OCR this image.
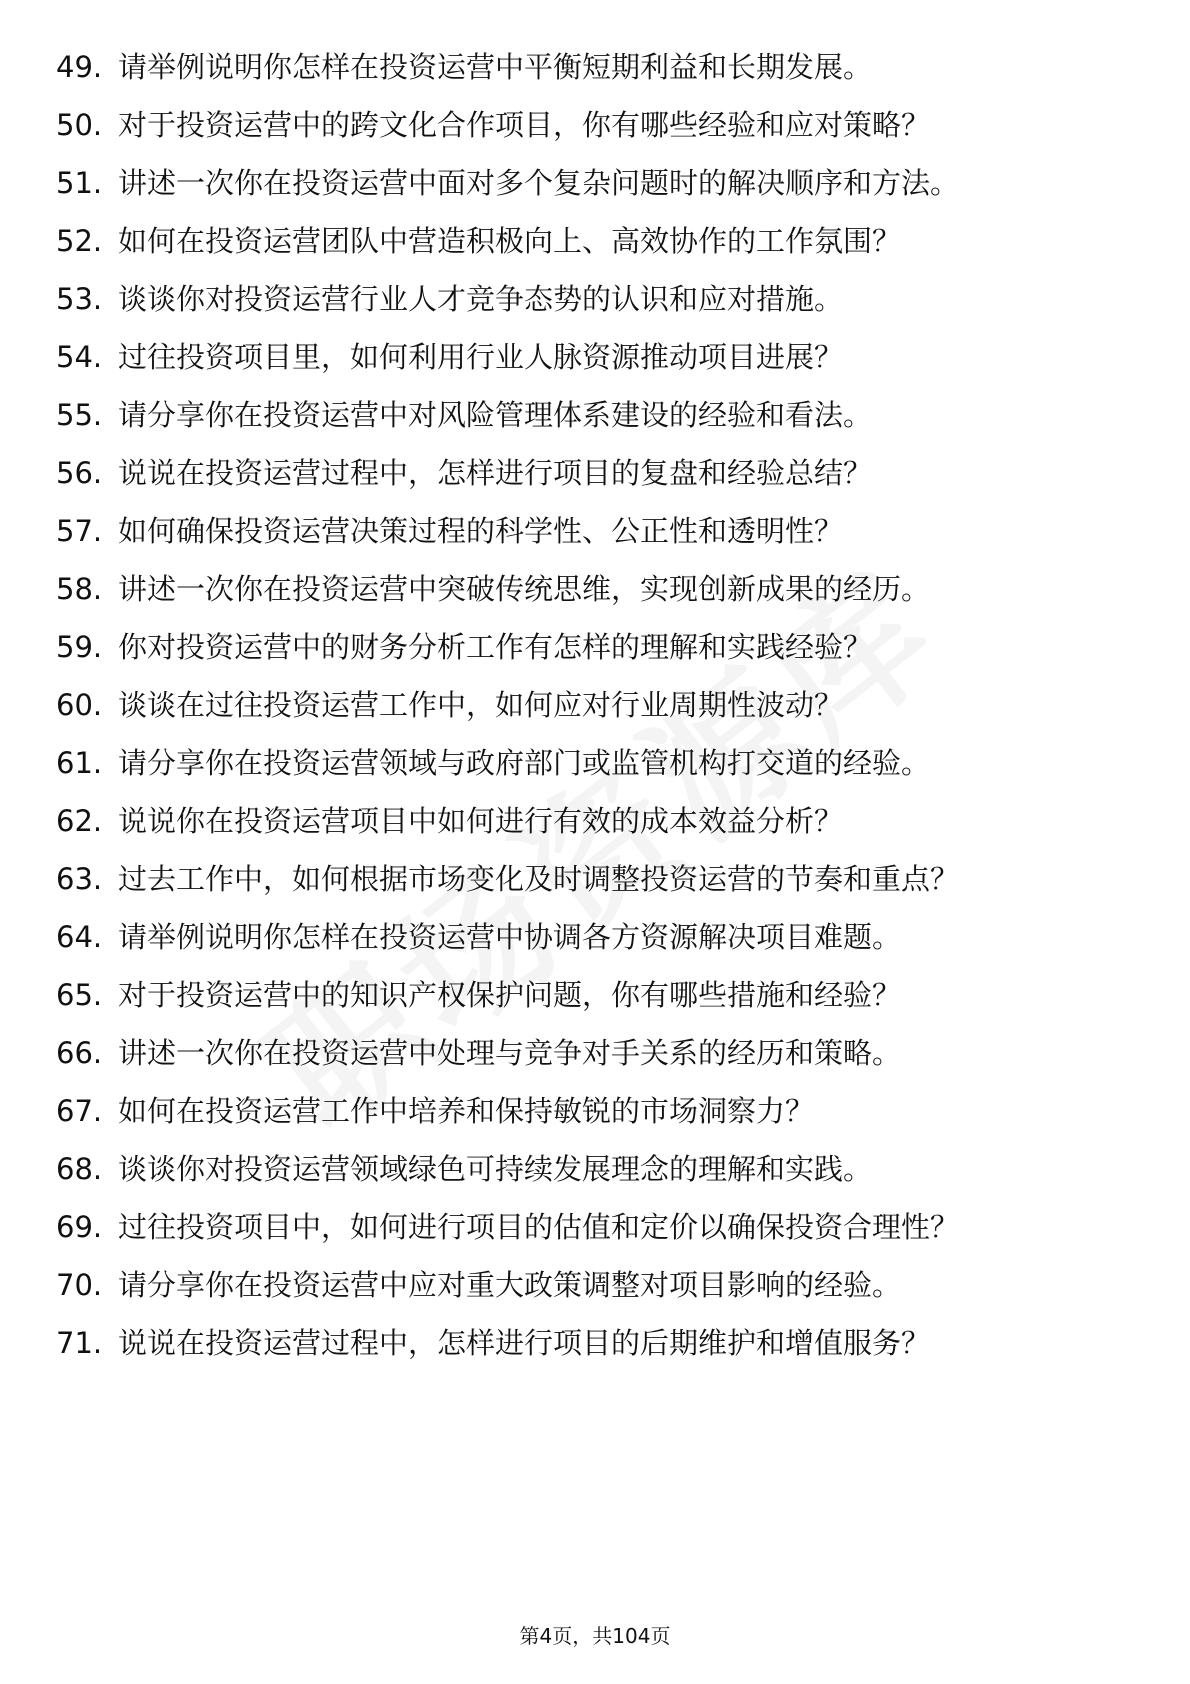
49. 请举例说明你怎样在投资运营中平衡短期利益和长期发展。
50. 对于投资运营中的跨文化合作项目，你有哪些经验和应对策略？
51. 讲述一次你在投资运营中面对多个复杂问题时的解决顺序和方法。
52. 如何在投资运营团队中营造积极向上、高效协作的工作氛围？
53. 谈谈你对投资运营行业人才竞争态势的认识和应对措施。
54. 过往投资项目里，如何利用行业人脉资源推动项目进展？
55. 请分享你在投资运营中对风险管理体系建设的经验和看法。
56. 说说在投资运营过程中，怎样进行项目的复盘和经验总结？
57. 如何确保投资运营决策过程的科学性、公正性和透明性？
58. 讲述一次你在投资运营中突破传统思维，实现创新成果的经历。
59. 你对投资运营中的财务分析工作有怎样的理解和实践经验？
60. 谈谈在过往投资运营工作中，如何应对行业周期性波动？
61. 请分享你在投资运营领域与政府部门或监管机构打交道的经验。
62. 说说你在投资运营项目中如何进行有效的成本效益分析？
63. 过去工作中，如何根据市场变化及时调整投资运营的节奏和重点？
64. 请举例说明你怎样在投资运营中协调各方资源解决项目难题。
65. 对于投资运营中的知识产权保护问题，你有哪些措施和经验？
66. 讲述一次你在投资运营中处理与竞争对手关系的经历和策略。
67. 如何在投资运营工作中培养和保持敏锐的市场洞察力？
68. 谈谈你对投资运营领域绿色可持续发展理念的理解和实践。
69. 过往投资项目中，如何进行项目的估值和定价以确保投资合理性？
70. 请分享你在投资运营中应对重大政策调整对项目影响的经验。
71. 说说在投资运营过程中，怎样进行项目的后期维护和增值服务？
第4页，共104页
